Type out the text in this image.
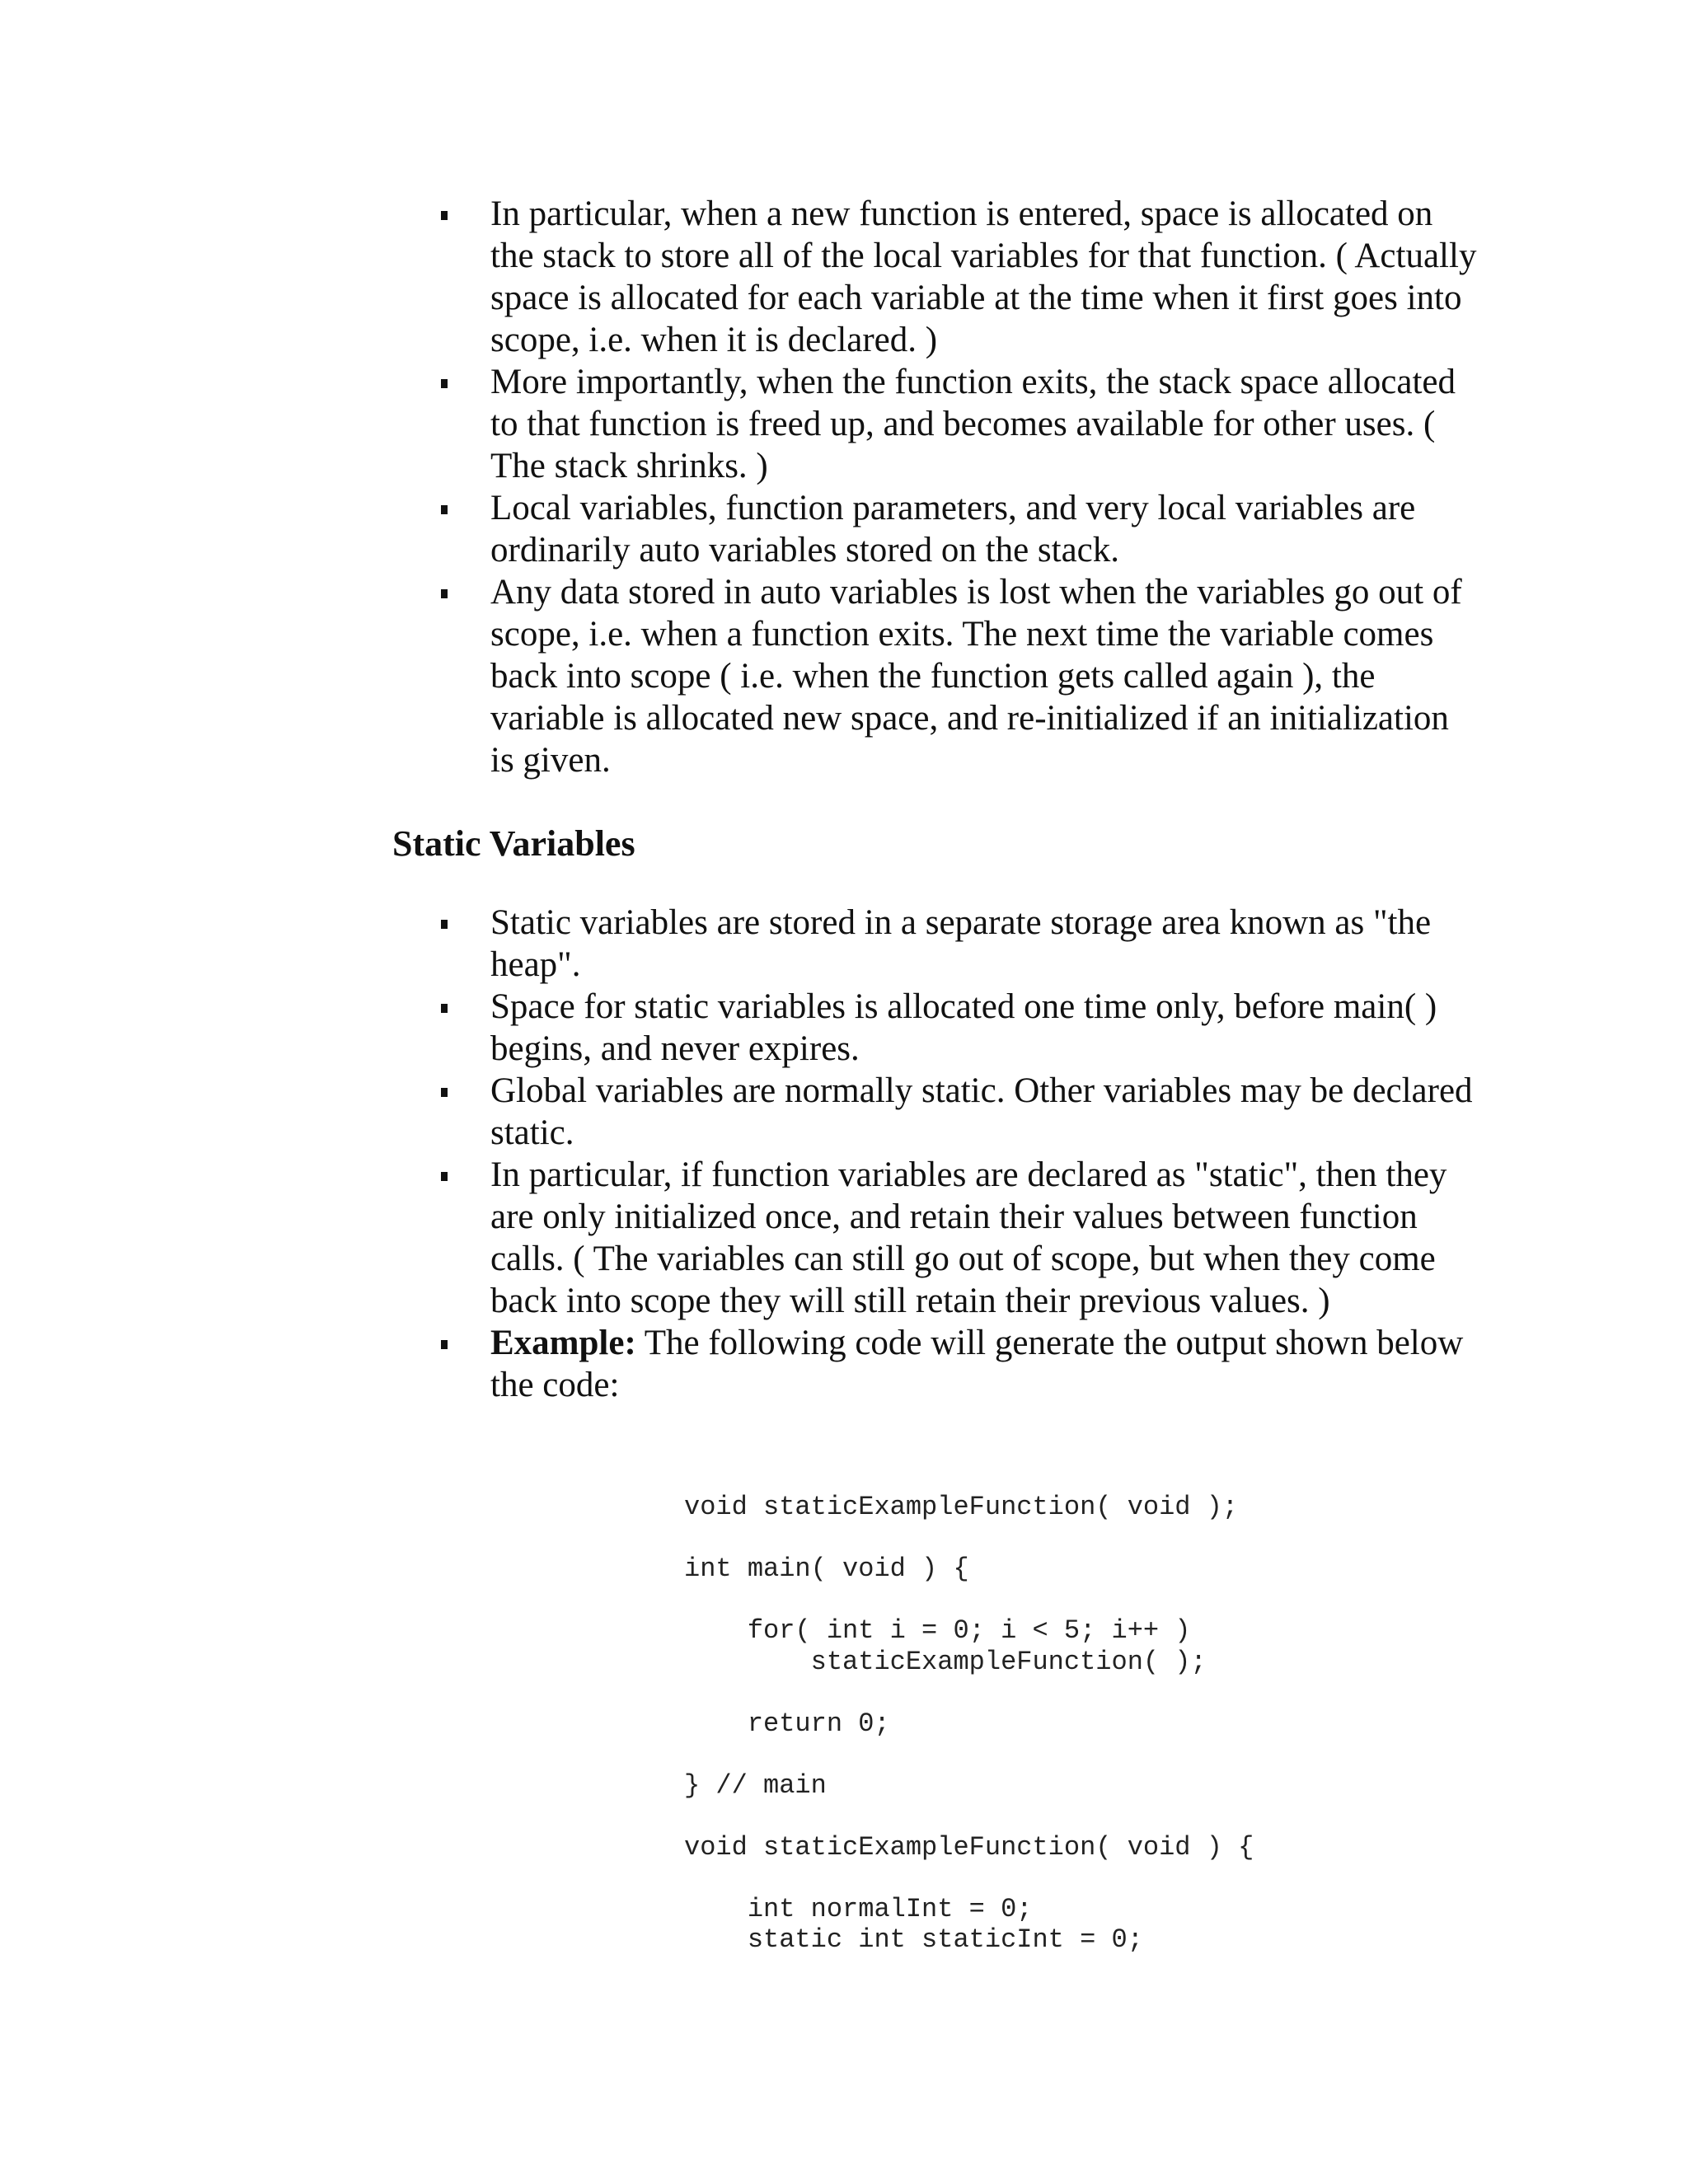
In particular, when a new function is entered, space is allocated on the stack to store all of the local variables for that function. ( Actually space is allocated for each variable at the time when it first goes into scope, i.e. when it is declared. )
More importantly, when the function exits, the stack space allocated to that function is freed up, and becomes available for other uses. ( The stack shrinks. )
Local variables, function parameters, and very local variables are ordinarily auto variables stored on the stack.
Any data stored in auto variables is lost when the variables go out of scope, i.e. when a function exits. The next time the variable comes back into scope ( i.e. when the function gets called again ), the variable is allocated new space, and re-initialized if an initialization is given.
Static Variables
Static variables are stored in a separate storage area known as "the heap".
Space for static variables is allocated one time only, before main( ) begins, and never expires.
Global variables are normally static. Other variables may be declared static.
In particular, if function variables are declared as "static", then they are only initialized once, and retain their values between function calls. ( The variables can still go out of scope, but when they come back into scope they will still retain their previous values. )
Example: The following code will generate the output shown below the code:
void staticExampleFunction( void );
int main( void ) {
for( int i = 0; i < 5; i++ )
staticExampleFunction( );
return 0;
} // main
void staticExampleFunction( void ) {
int normalInt = 0;
static int staticInt = 0;
